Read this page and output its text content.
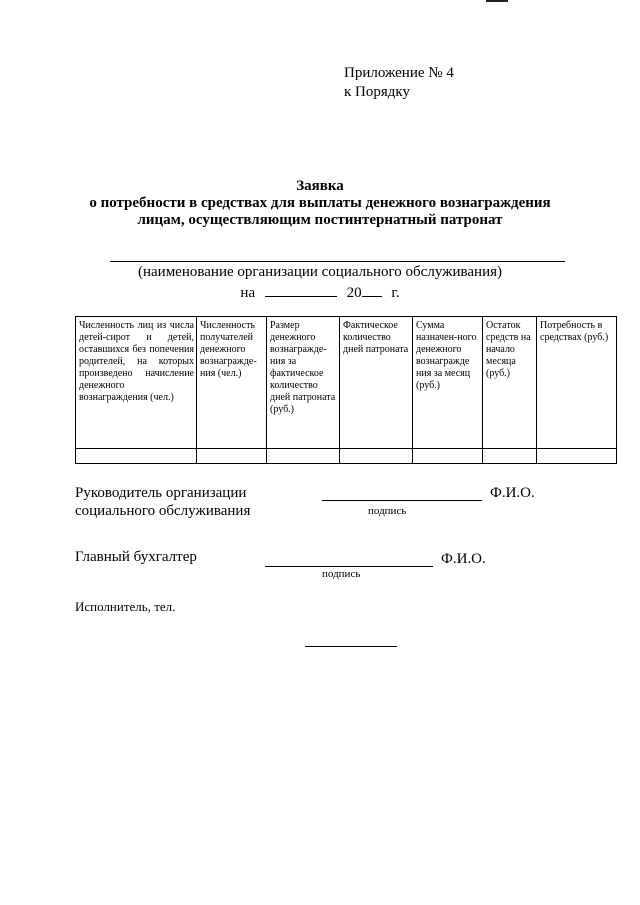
Приложение № 4
к Порядку
Заявка
о потребности в средствах для выплаты денежного вознаграждения
лицам, осуществляющим постинтернатный патронат
(наименование организации социального обслуживания)
на	20 г.
Численность лиц из числа детей-сирот и детей, оставшихся без попечения родителей, на которых произведено начисление денежного вознаграждения (чел.)	Численность получателей денежного вознагражде-ния (чел.)	Размер денежного вознагражде-ния за фактическое количество дней патроната (руб.)	Фактическое количество дней патроната	Сумма назначен-ного денежного вознагражде ния за месяц (руб.)	Остаток средств на начало месяца (руб.)	Потребность в средствах (руб.)

Руководитель организации
социального обслуживания
Ф.И.О.
подпись
Главный бухгалтер	Ф.И.О.
подпись
Исполнитель, тел.
